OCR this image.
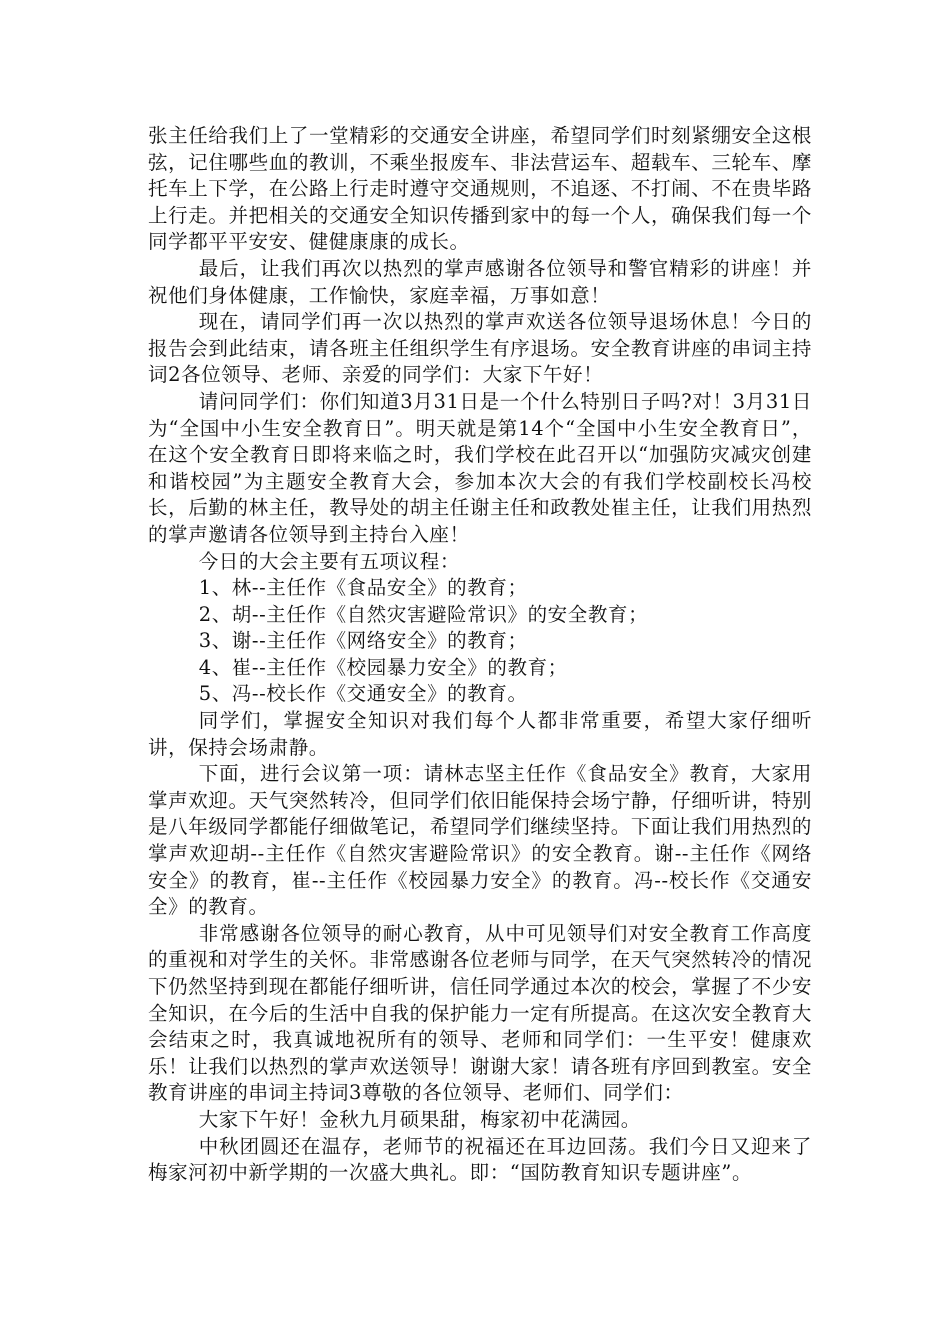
张主任给我们上了一堂精彩的交通安全讲座，希望同学们时刻紧绷安全这根弦，记住哪些血的教训，不乘坐报废车、非法营运车、超载车、三轮车、摩托车上下学，在公路上行走时遵守交通规则，不追逐、不打闹、不在贵毕路上行走。并把相关的交通安全知识传播到家中的每一个人，确保我们每一个同学都平平安安、健健康康的成长。

最后，让我们再次以热烈的掌声感谢各位领导和警官精彩的讲座！并祝他们身体健康，工作愉快，家庭幸福，万事如意！

现在，请同学们再一次以热烈的掌声欢送各位领导退场休息！今日的报告会到此结束，请各班主任组织学生有序退场。安全教育讲座的串词主持词2各位领导、老师、亲爱的同学们：大家下午好！

请问同学们：你们知道3月31日是一个什么特别日子吗?对！3月31日为“全国中小生安全教育日”。明天就是第14个“全国中小生安全教育日”，在这个安全教育日即将来临之时，我们学校在此召开以“加强防灾减灾创建和谐校园”为主题安全教育大会，参加本次大会的有我们学校副校长冯校长，后勤的林主任，教导处的胡主任谢主任和政教处崔主任，让我们用热烈的掌声邀请各位领导到主持台入座！

今日的大会主要有五项议程：

1、林--主任作《食品安全》的教育；

2、胡--主任作《自然灾害避险常识》的安全教育；

3、谢--主任作《网络安全》的教育；

4、崔--主任作《校园暴力安全》的教育；

5、冯--校长作《交通安全》的教育。

同学们，掌握安全知识对我们每个人都非常重要，希望大家仔细听讲，保持会场肃静。

下面，进行会议第一项：请林志坚主任作《食品安全》教育，大家用掌声欢迎。天气突然转冷，但同学们依旧能保持会场宁静，仔细听讲，特别是八年级同学都能仔细做笔记，希望同学们继续坚持。下面让我们用热烈的掌声欢迎胡--主任作《自然灾害避险常识》的安全教育。谢--主任作《网络安全》的教育，崔--主任作《校园暴力安全》的教育。冯--校长作《交通安全》的教育。

非常感谢各位领导的耐心教育，从中可见领导们对安全教育工作高度的重视和对学生的关怀。非常感谢各位老师与同学，在天气突然转冷的情况下仍然坚持到现在都能仔细听讲，信任同学通过本次的校会，掌握了不少安全知识，在今后的生活中自我的保护能力一定有所提高。在这次安全教育大会结束之时，我真诚地祝所有的领导、老师和同学们：一生平安！健康欢乐！让我们以热烈的掌声欢送领导！谢谢大家！请各班有序回到教室。安全教育讲座的串词主持词3尊敬的各位领导、老师们、同学们：

大家下午好！金秋九月硕果甜，梅家初中花满园。

中秋团圆还在温存，老师节的祝福还在耳边回荡。我们今日又迎来了梅家河初中新学期的一次盛大典礼。即：“国防教育知识专题讲座”。
